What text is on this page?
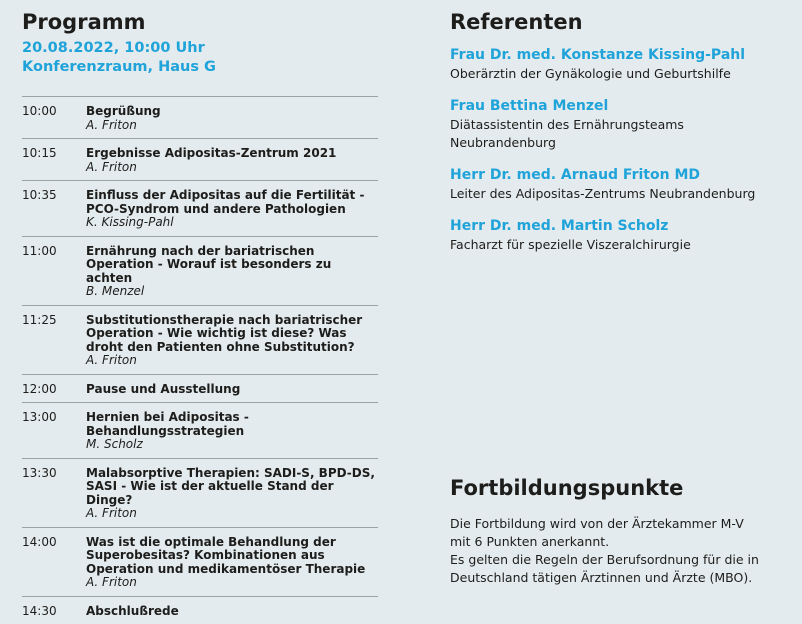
Programm
20.08.2022, 10:00 Uhr
Konferenzraum, Haus G
10:00	Begrüßung
A. Friton
10:15	Ergebnisse Adipositas-Zentrum 2021
A. Friton
10:35	Einfluss der Adipositas auf die Fertilität - PCO-Syndrom und andere Pathologien
K. Kissing-Pahl
11:00	Ernährung nach der bariatrischen Operation - Worauf ist besonders zu achten
B. Menzel
11:25	Substitutionstherapie nach bariatrischer Operation - Wie wichtig ist diese? Was droht den Patienten ohne Substitution?
A. Friton
12:00	Pause und Ausstellung
13:00	Hernien bei Adipositas - Behandlungsstrategien
M. Scholz
13:30	Malabsorptive Therapien: SADI-S, BPD-DS, SASI - Wie ist der aktuelle Stand der Dinge?
A. Friton
14:00	Was ist die optimale Behandlung der Superobesitas? Kombinationen aus Operation und medikamentöser Therapie
A. Friton
14:30	Abschlußrede
Referenten
Frau Dr. med. Konstanze Kissing-Pahl
Oberärztin der Gynäkologie und Geburtshilfe
Frau Bettina Menzel
Diätassistentin des Ernährungsteams
Neubrandenburg
Herr Dr. med. Arnaud Friton MD
Leiter des Adipositas-Zentrums Neubrandenburg
Herr Dr. med. Martin Scholz
Facharzt für spezielle Viszeralchirurgie
Fortbildungspunkte
Die Fortbildung wird von der Ärztekammer M-V
mit 6 Punkten anerkannt.
Es gelten die Regeln der Berufsordnung für die in
Deutschland tätigen Ärztinnen und Ärzte (MBO).
